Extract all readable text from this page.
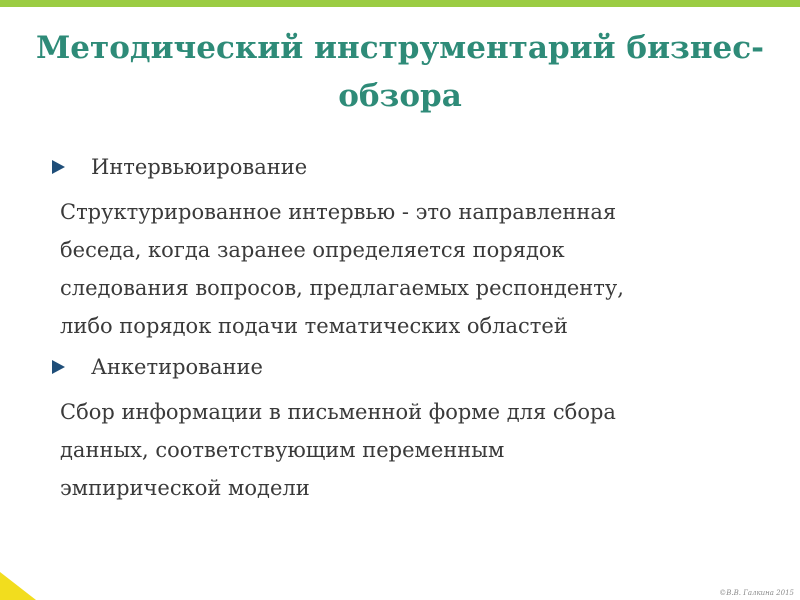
Методический инструментарий бизнес-
обзора
Интервьюирование
Структурированное интервью - это направленная
беседа, когда заранее определяется порядок
следования вопросов, предлагаемых респонденту,
либо порядок подачи тематических областей
Анкетирование
Сбор информации в письменной форме для сбора
данных, соответствующим переменным
эмпирической модели
©В.В. Галкина 2015
